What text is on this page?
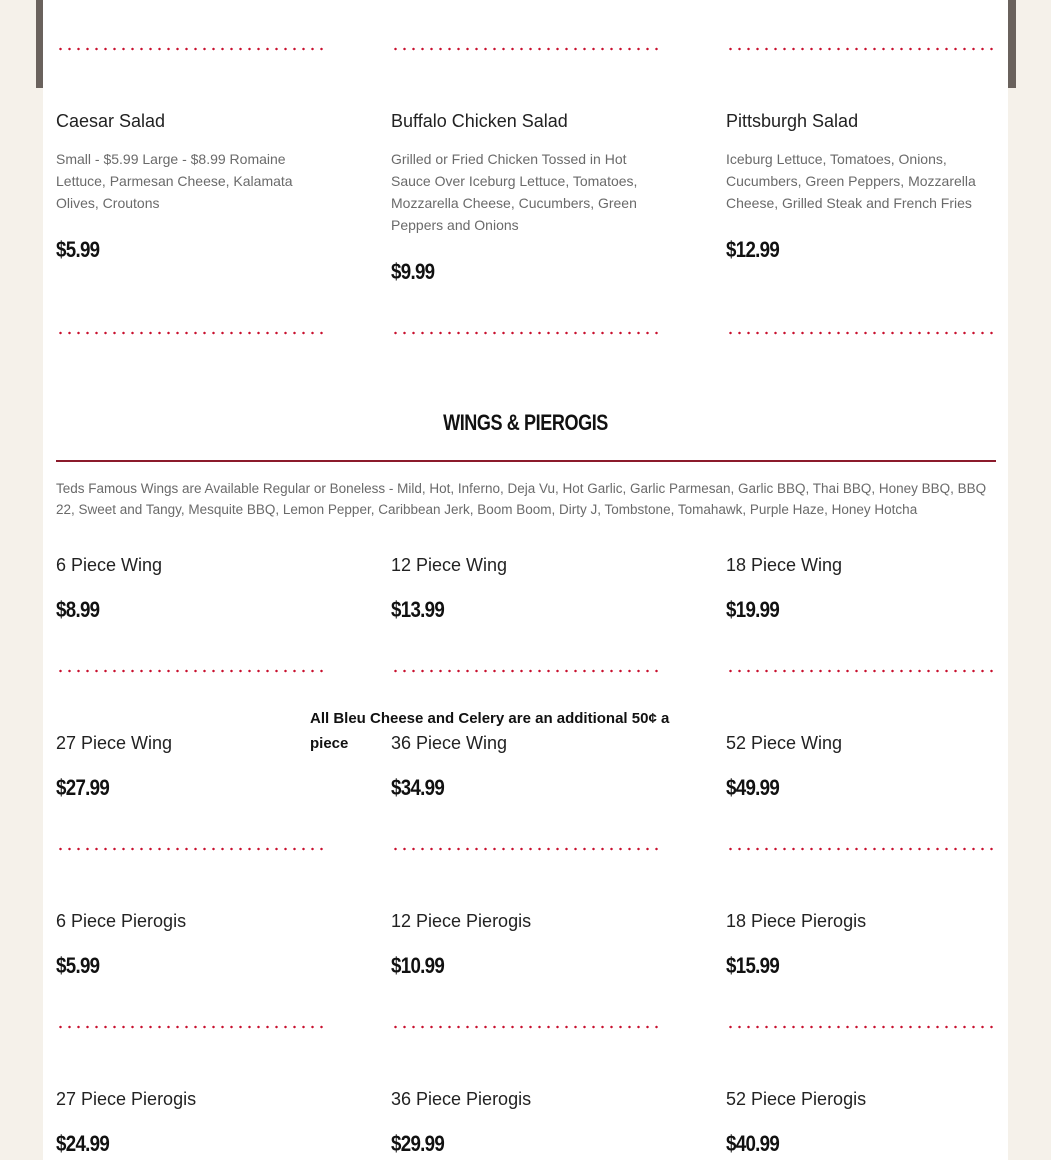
Caesar Salad
Small - $5.99 Large - $8.99 Romaine Lettuce, Parmesan Cheese, Kalamata Olives, Croutons
$5.99
Buffalo Chicken Salad
Grilled or Fried Chicken Tossed in Hot Sauce Over Iceburg Lettuce, Tomatoes, Mozzarella Cheese, Cucumbers, Green Peppers and Onions
$9.99
Pittsburgh Salad
Iceburg Lettuce, Tomatoes, Onions, Cucumbers, Green Peppers, Mozzarella Cheese, Grilled Steak and French Fries
$12.99
WINGS & PIEROGIS
Teds Famous Wings are Available Regular or Boneless - Mild, Hot, Inferno, Deja Vu, Hot Garlic, Garlic Parmesan, Garlic BBQ, Thai BBQ, Honey BBQ, BBQ 22, Sweet and Tangy, Mesquite BBQ, Lemon Pepper, Caribbean Jerk, Boom Boom, Dirty J, Tombstone, Tomahawk, Purple Haze, Honey Hotcha
6 Piece Wing
$8.99
12 Piece Wing
$13.99
18 Piece Wing
$19.99
27 Piece Wing
$27.99
36 Piece Wing
$34.99
52 Piece Wing
$49.99
All Bleu Cheese and Celery are an additional 50¢ a piece
6 Piece Pierogis
$5.99
12 Piece Pierogis
$10.99
18 Piece Pierogis
$15.99
27 Piece Pierogis
$24.99
36 Piece Pierogis
$29.99
52 Piece Pierogis
$40.99
